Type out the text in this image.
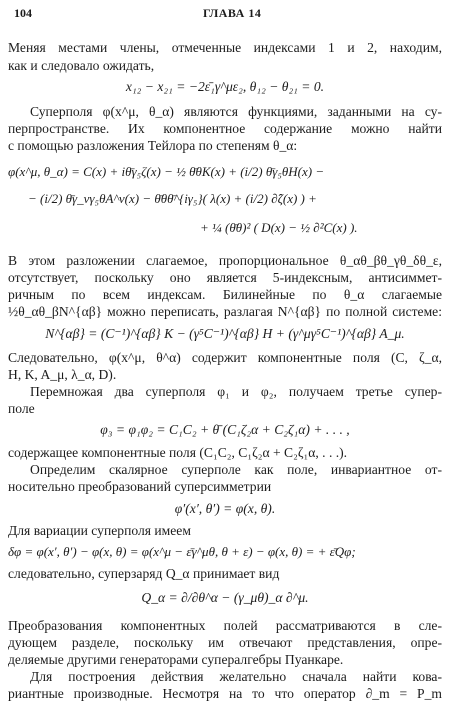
104	ГЛАВА 14
Меняя местами члены, отмеченные индексами 1 и 2, находим,
как и следовало ожидать,
x₁₂ − x₂₁ = −2ε̄₁γ^με₂, θ₁₂ − θ₂₁ = 0.
Суперполя φ(x^μ, θ_α) являются функциями, заданными на су-
перпространстве. Их компонентное содержание можно найти
с помощью разложения Тейлора по степеням θ_α:
φ(x^μ, θ_α) = C(x) + iθ̄γ₅ζ(x) − ½ θ̄θK(x) + (i/2) θ̄γ₅θH(x) −
− (i/2) θ̄γ_νγ₅θA^ν(x) − θ̄θθ̄^{iγ₅}( λ(x) + (i/2) ∂̂ζ(x) ) +
+ ¼ (θ̄θ)² ( D(x) − ½ ∂²C(x) ).
В этом разложении слагаемое, пропорциональное θ_αθ_βθ_γθ_δθ_ε,
отсутствует, поскольку оно является 5-индексным, антисиммет-
ричным по всем индексам. Билинейные по θ_α слагаемые
½θ_αθ_βN^{αβ} можно переписать, разлагая N^{αβ} по полной системе:
N^{αβ} = (C⁻¹)^{αβ} K − (γ⁵C⁻¹)^{αβ} H + (γ^μγ⁵C⁻¹)^{αβ} A_μ.
Следовательно, φ(x^μ, θ^α) содержит компонентные поля (C, ζ_α,
H, K, A_μ, λ_α, D).
Перемножая два суперполя φ₁ и φ₂, получаем третье супер-
поле
φ₃ = φ₁φ₂ = C₁C₂ + θ̄ (C₁ζ₂α + C₂ζ₁α) + . . . ,
содержащее компонентные поля (C₁C₂, C₁ζ₂α + C₂ζ₁α, . . .).
Определим скалярное суперполе как поле, инвариантное от-
носительно преобразований суперсимметрии
φ′(x′, θ′) = φ(x, θ).
Для вариации суперполя имеем
δφ = φ(x′, θ′) − φ(x, θ) = φ(x^μ − ε̄γ^μθ, θ + ε) − φ(x, θ) = + ε̄Qφ;
следовательно, суперзаряд Q_α принимает вид
Q_α = ∂/∂θ^α − (γ_μθ)_α ∂^μ.
Преобразования компонентных полей рассматриваются в сле-
дующем разделе, поскольку им отвечают представления, опре-
деляемые другими генераторами супералгебры Пуанкаре.
Для построения действия желательно сначала найти кова-
риантные производные. Несмотря на то что оператор ∂_m = P_m
